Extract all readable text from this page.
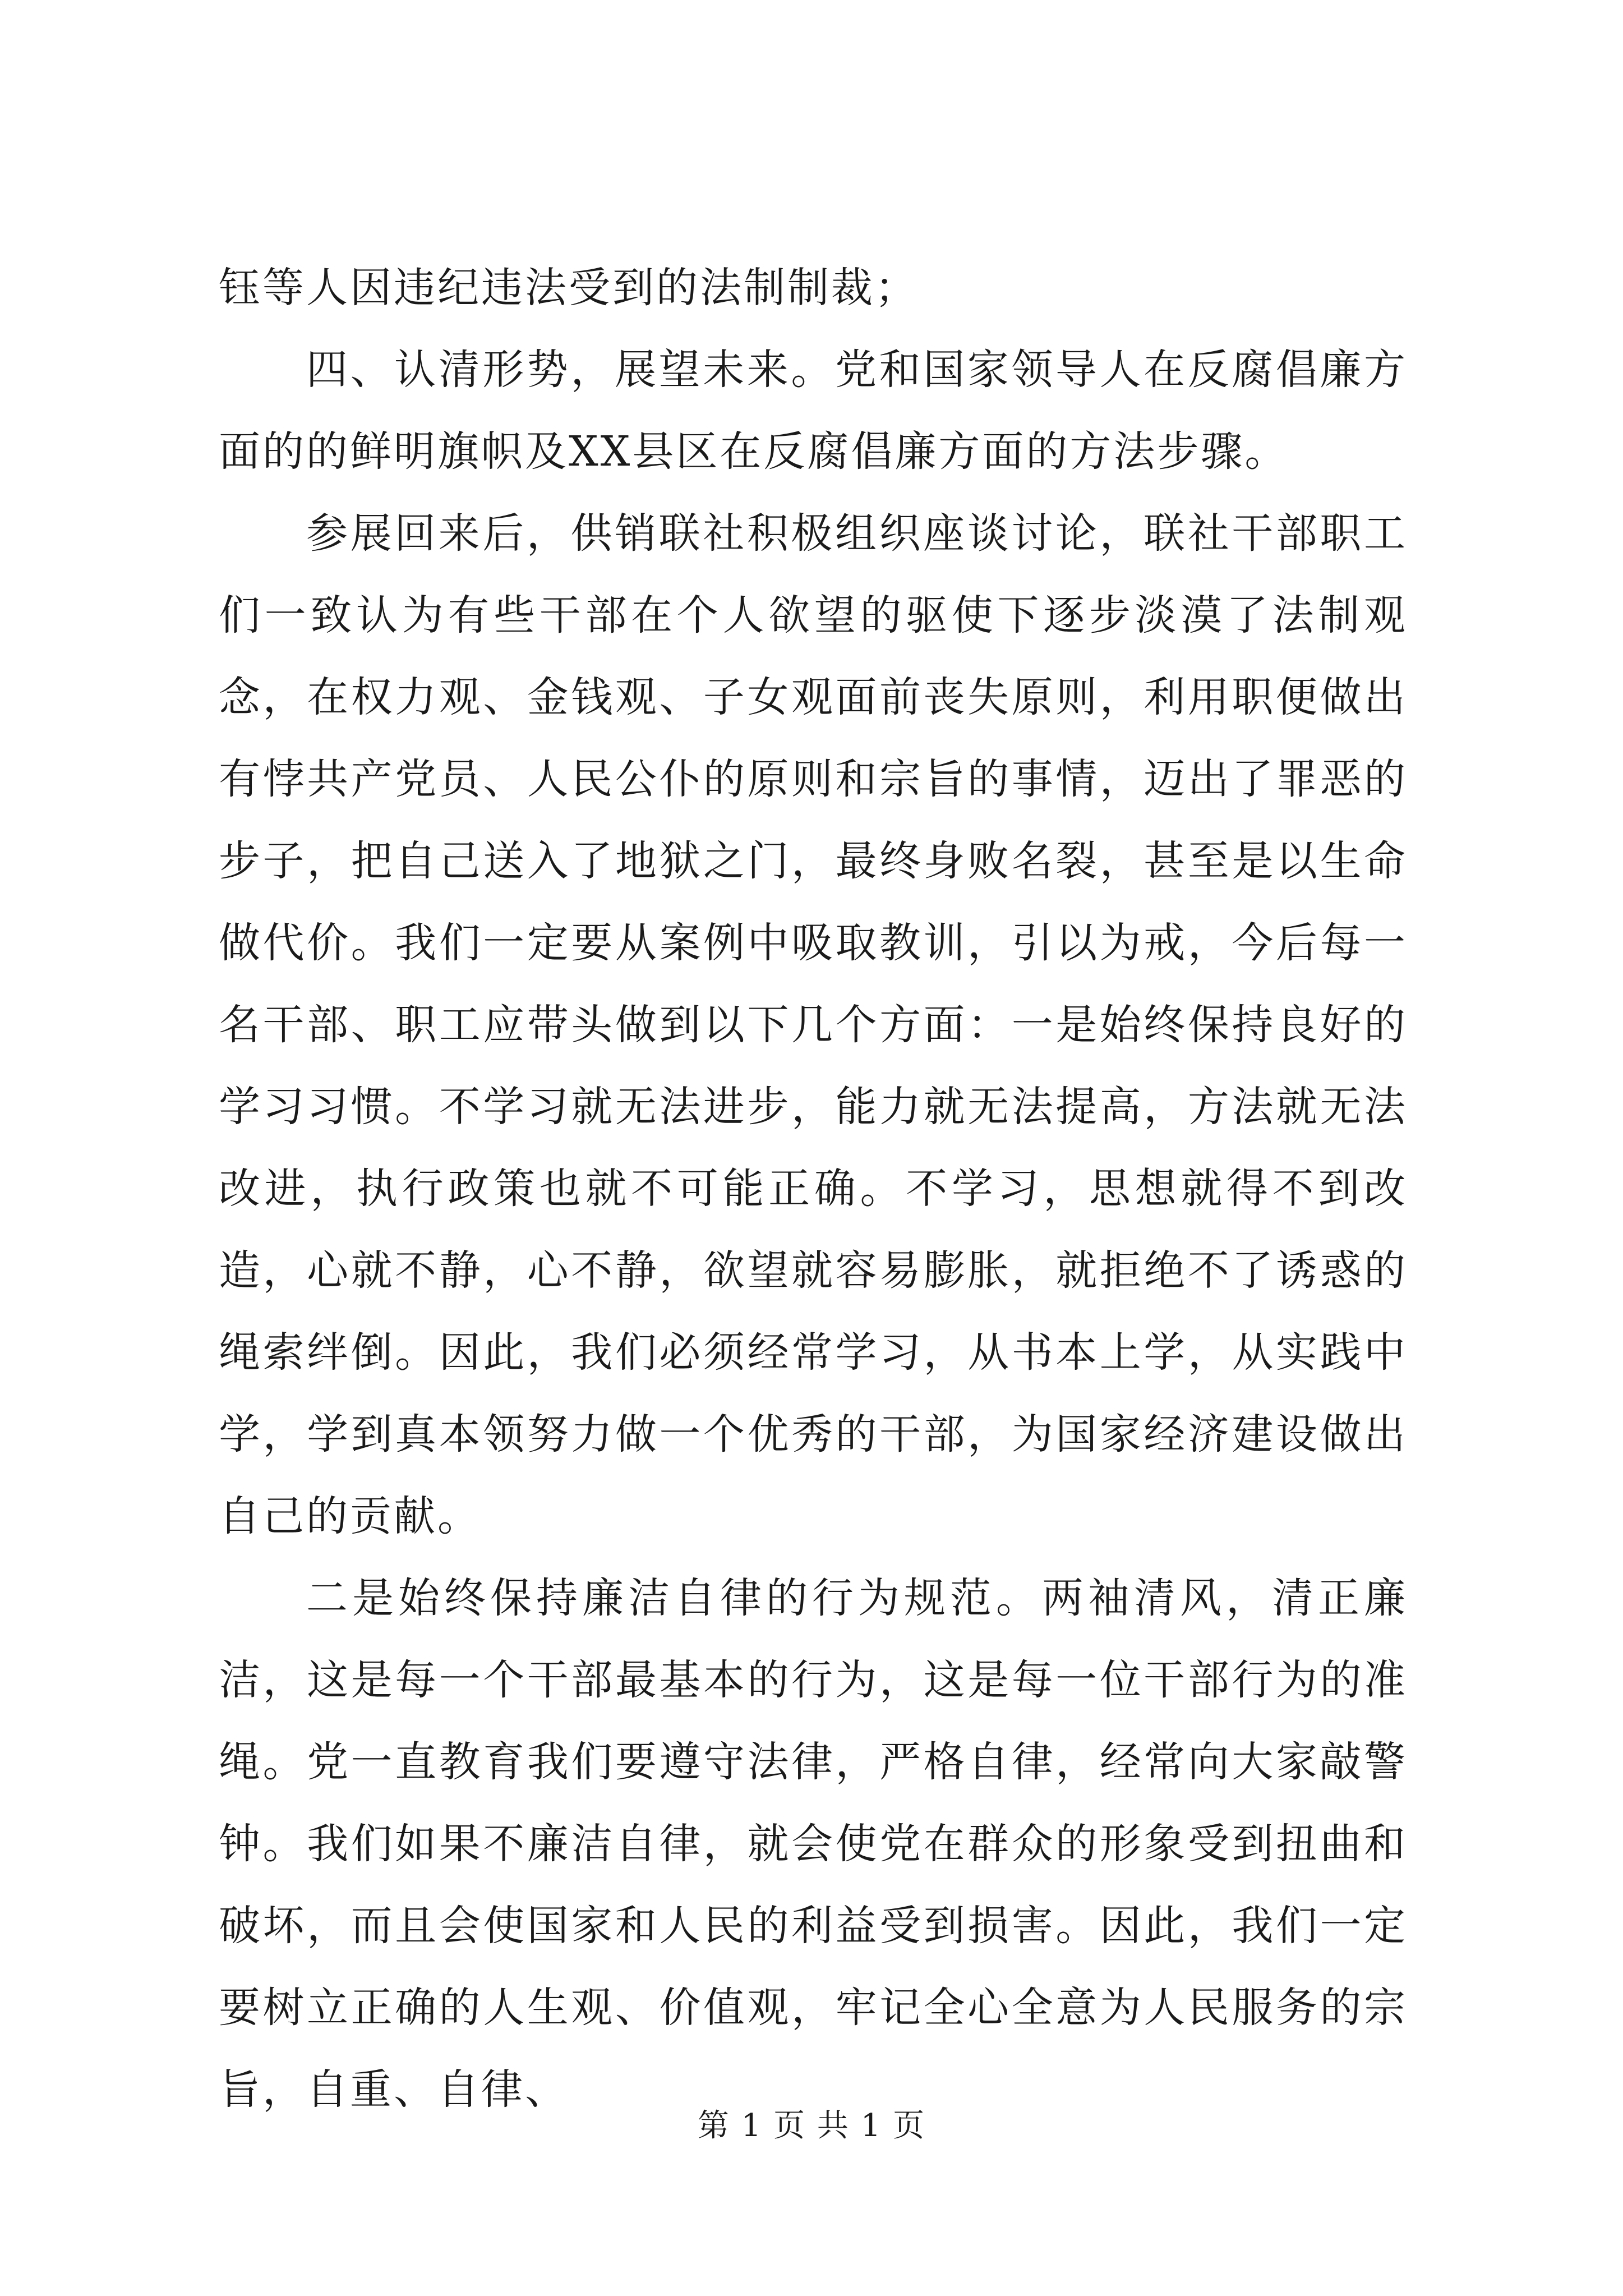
钰等人因违纪违法受到的法制制裁；

四、认清形势，展望未来。党和国家领导人在反腐倡廉方面的的鲜明旗帜及XX县区在反腐倡廉方面的方法步骤。

参展回来后，供销联社积极组织座谈讨论，联社干部职工们一致认为有些干部在个人欲望的驱使下逐步淡漠了法制观念，在权力观、金钱观、子女观面前丧失原则，利用职便做出有悖共产党员、人民公仆的原则和宗旨的事情，迈出了罪恶的步子，把自己送入了地狱之门，最终身败名裂，甚至是以生命做代价。我们一定要从案例中吸取教训，引以为戒，今后每一名干部、职工应带头做到以下几个方面：一是始终保持良好的学习习惯。不学习就无法进步，能力就无法提高，方法就无法改进，执行政策也就不可能正确。不学习，思想就得不到改造，心就不静，心不静，欲望就容易膨胀，就拒绝不了诱惑的绳索绊倒。因此，我们必须经常学习，从书本上学，从实践中学，学到真本领努力做一个优秀的干部，为国家经济建设做出自己的贡献。

二是始终保持廉洁自律的行为规范。两袖清风，清正廉洁，这是每一个干部最基本的行为，这是每一位干部行为的准绳。党一直教育我们要遵守法律，严格自律，经常向大家敲警钟。我们如果不廉洁自律，就会使党在群众的形象受到扭曲和破坏，而且会使国家和人民的利益受到损害。因此，我们一定要树立正确的人生观、价值观，牢记全心全意为人民服务的宗旨，自重、自律、

第 1 页 共 1 页
